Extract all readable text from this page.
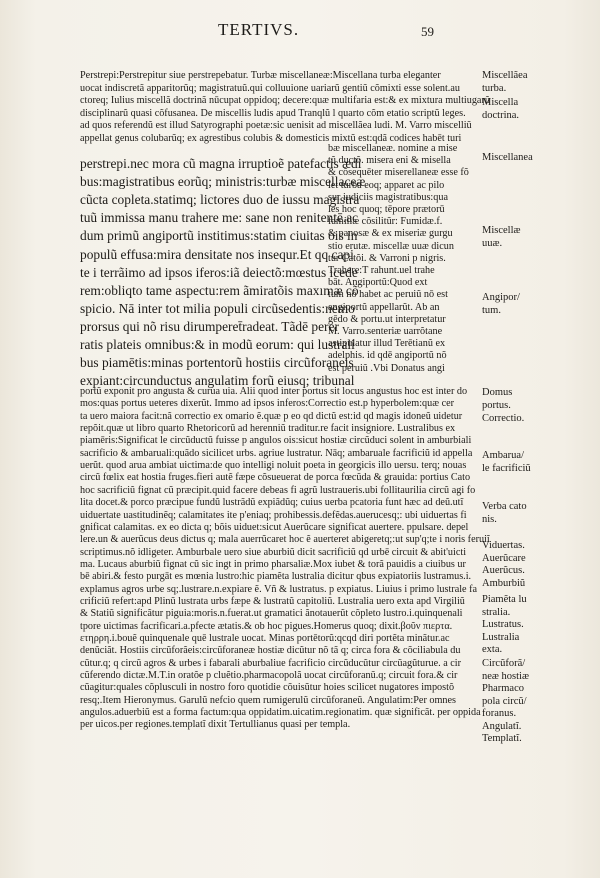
TERTIVS.	59
Perstrepi:Perstrepitur siue perstrepebatur. Turbæ miscellaneæ:Miscellana turba eleganter
uocat indiscretã apparitorũq; magistratuũ.qui colluuione uariarũ gentiũ cõmixti esse solent.au
ctoreq; Iulius miscellã doctrinã nūcupat oppidoq; decere:quæ multifaria est:& ex mixtura multiugarũ
disciplinarũ quasi cõfusanea. De miscellis ludis apud Tranqlũ l quarto cõm etatio scriptũ leges.
ad quos referendũ est illud Satyrographi poetæ:sic uenisit ad miscellãea ludi. M. Varro miscelliũ
appellat genus colubarũq; ex agrestibus colubis & domesticis mixtũ est:qdã codices habēt turi
bæ miscellaneæ. nomine a mise
tũ ductõ. misera eni & misella
& cõsequēter miserellaneæ esse fõ
let turba eoq; apparet ac pilo
sur iudiciis magistratibus:qua
les hoc quoq; tēpore prætorū
familiæ cõsilitũr: Fumidæ.f.
& panosæ & ex miseriæ gurgu
stio erutæ. miscellæ uuæ dicun
tur Catõi. & Varroni p nigris.
Trahere:T rahunt.uel trahe
bāt. Angiportũ:Quod ext
tum nō habet ac peruiũ nō est
angiportũ appellarũt. Ab an
gēdo & portu.ut interpretatur
M. Varro.senteriæ uarrõtane
astipulatur illud Terētianũ ex
adelphis. id qdē angiportũ nõ
est peruiũ .Vbi Donatus angi
perstrepi.nec mora cũ magna irruptioẽ patefactis ædi
bus:magistratibus eorũq; ministris:turbæ miscellaceæ
cũcta copleta.statimq; lictores duo de iussu magistra
tuũ immissa manu trahere me: sane non renitentē.ac
dum primũ angiportũ institimus:statim ciuitas ois in
populũ effusa:mira densitate nos insequr.Et qq capi
te i terrãimo ad ipsos iferos:iã deiectõ:mœstus icede
rem:obliqto tame aspectu:rem ãmiratõis maxımæ cõ
spicio. Nā inter tot milia populi circũsedentis:nemo
prorsus qui nõ risu dirumperet̄radeat. Tãdē perer
ratis plateis omnibus:& in modũ eorum: qui lustrali
bus piamētis:minas portentorũ hostiis circũforaneis
expiant:circunductus angulatim forũ eiusq; tribunal
portũ exponit pro angusta & curua uia. Alii quod inter portus sit locus angustus hoc est inter do
mos:quas portus ueteres dixerũt. Immo ad ipsos inferos:Correctio est.p hyperbolem:quæ cer
ta uero maiora facit:nã correctio ex omario ẽ.quæ p eo qd dictũ est:id qd magis idoneũ uidetur
repõit.quæ ut libro quarto Rhetoricorũ ad herenniũ traditur.re facit insigniore. Lustralibus ex
piamēris:Significat le circũductũ fuisse p angulos ois:sicut hostiæ circũduci solent in amburbiali
sacrificio & ambaruali:quãdo sicilicet urbs. agriue lustratur. Nāq; ambaruale facrificiũ id appella
uerũt. quod arua ambiat uictima:de quo intelligi noluit poeta in georgicis illo uersu. terq; nouas
circũ fœlix eat hostia fruges.fieri autẽ fæpe cõsueuerat de porca fœcũda & grauida: portius Cato
hoc sacrificiũ fignat cũ præcipit.quid facere debeas fi agrũ lustraueris.ubi follitaurilia circũ agi fo
lita docet.& porco præcipue fundũ lustrãdũ expiãdũq; cuius uerba pcatoria funt hæc ad deũ.utĩ
uiduertate uastitudinẽq; calamitates ite p'eniaq; prohibessis.defẽdas.auerucesq;: ubi uiduertas fi
gnificat calamitas. ex eo dicta q; bõis uiduet:sicut Auerũcare significat auertere. ppulsare. depel
lere.un & auerũcus deus dictus q; mala auerrũcaret hoc ẽ auerteret abigeretq;:ut sup'q;te i noris feruiĩ
scriptimus.nõ idligeter. Amburbale uero siue aburbiũ dicit sacrificiũ qd urbē circuit & abit'uicti
ma. Lucaus aburbiũ fignat cũ sic ingt in primo pharsaliæ.Mox iubet & torã pauidis a ciuibus ur
bē abiri.& festo purgāt es mœnia lustro:hic piamẽta lustralia dicitur qbus expiatoriis lustramus.i.
explamus agros urbe sq;.lustrare.n.expiare ẽ. Vñ & lustratus. p expiatus. Liuius i primo lustrale fa
crificiũ refert:apd Plinũ lustrata urbs fæpe & lustratũ capitoliũ. Lustralia uero exta apd Virgiliũ
& Statiũ significãtur piguia:moris.n.fuerat.ut gramatici ãnotauerũt cõpleto lustro.i.quinquenali
tpore uictimas facrificari.a.pfecte ætatis.& ob hoc pigues.Homerus quoq; dixit.βοῦν πιερτα.
ετηρρη.i.bouẽ quinquenale quē lustrale uocat. Minas portētorũ:qcqd diri portẽta minãtur.ac
denũciãt. Hostiis circũforãeis:circũforaneæ hostiæ dicũtur nõ tã q; circa fora & cõciliabula du
cũtur.q; q circũ agros & urbes i fabarali aburbaliue facrificio circũducũtur circũagũturue. a cir
cũferendo dictæ.M.T.in oratõe p cluẽtio.pharmacopolã uocat circũforanũ.q; circuit fora.& cir
cũagitur:quales cõplusculi in nostro foro quotidie cõuisũtur hoies scilicet nugatores impostõ
resq;.Item Hieronymus. Garulũ nefcio quem rumigerulũ circũforaneũ. Angulatim:Per omnes
angulos.aduerbiũ est a forma factum:qua oppidatim.uicatim.regionatim. quæ significãt. per oppida
per uicos.per regiones.templatĩ dixit Tertullianus quasi per templa.
Miscellãea
turba.
Miscella
doctrina.
Miscellanea
Miscellæ
uuæ.
Angipor/
tum.
Domus
portus.
Correctio.
Ambarua/
le facrificiũ
Verba cato
nis.
Viduertas.
Auerũcare
Auerũcus.
Amburbiũ
Piamẽta lu
stralia.
Lustratus.
Lustralia
exta.
Circũforã/
neæ hostiæ
Pharmaco
pola circũ/
foranus.
Angulatĩ.
Templatĩ.
